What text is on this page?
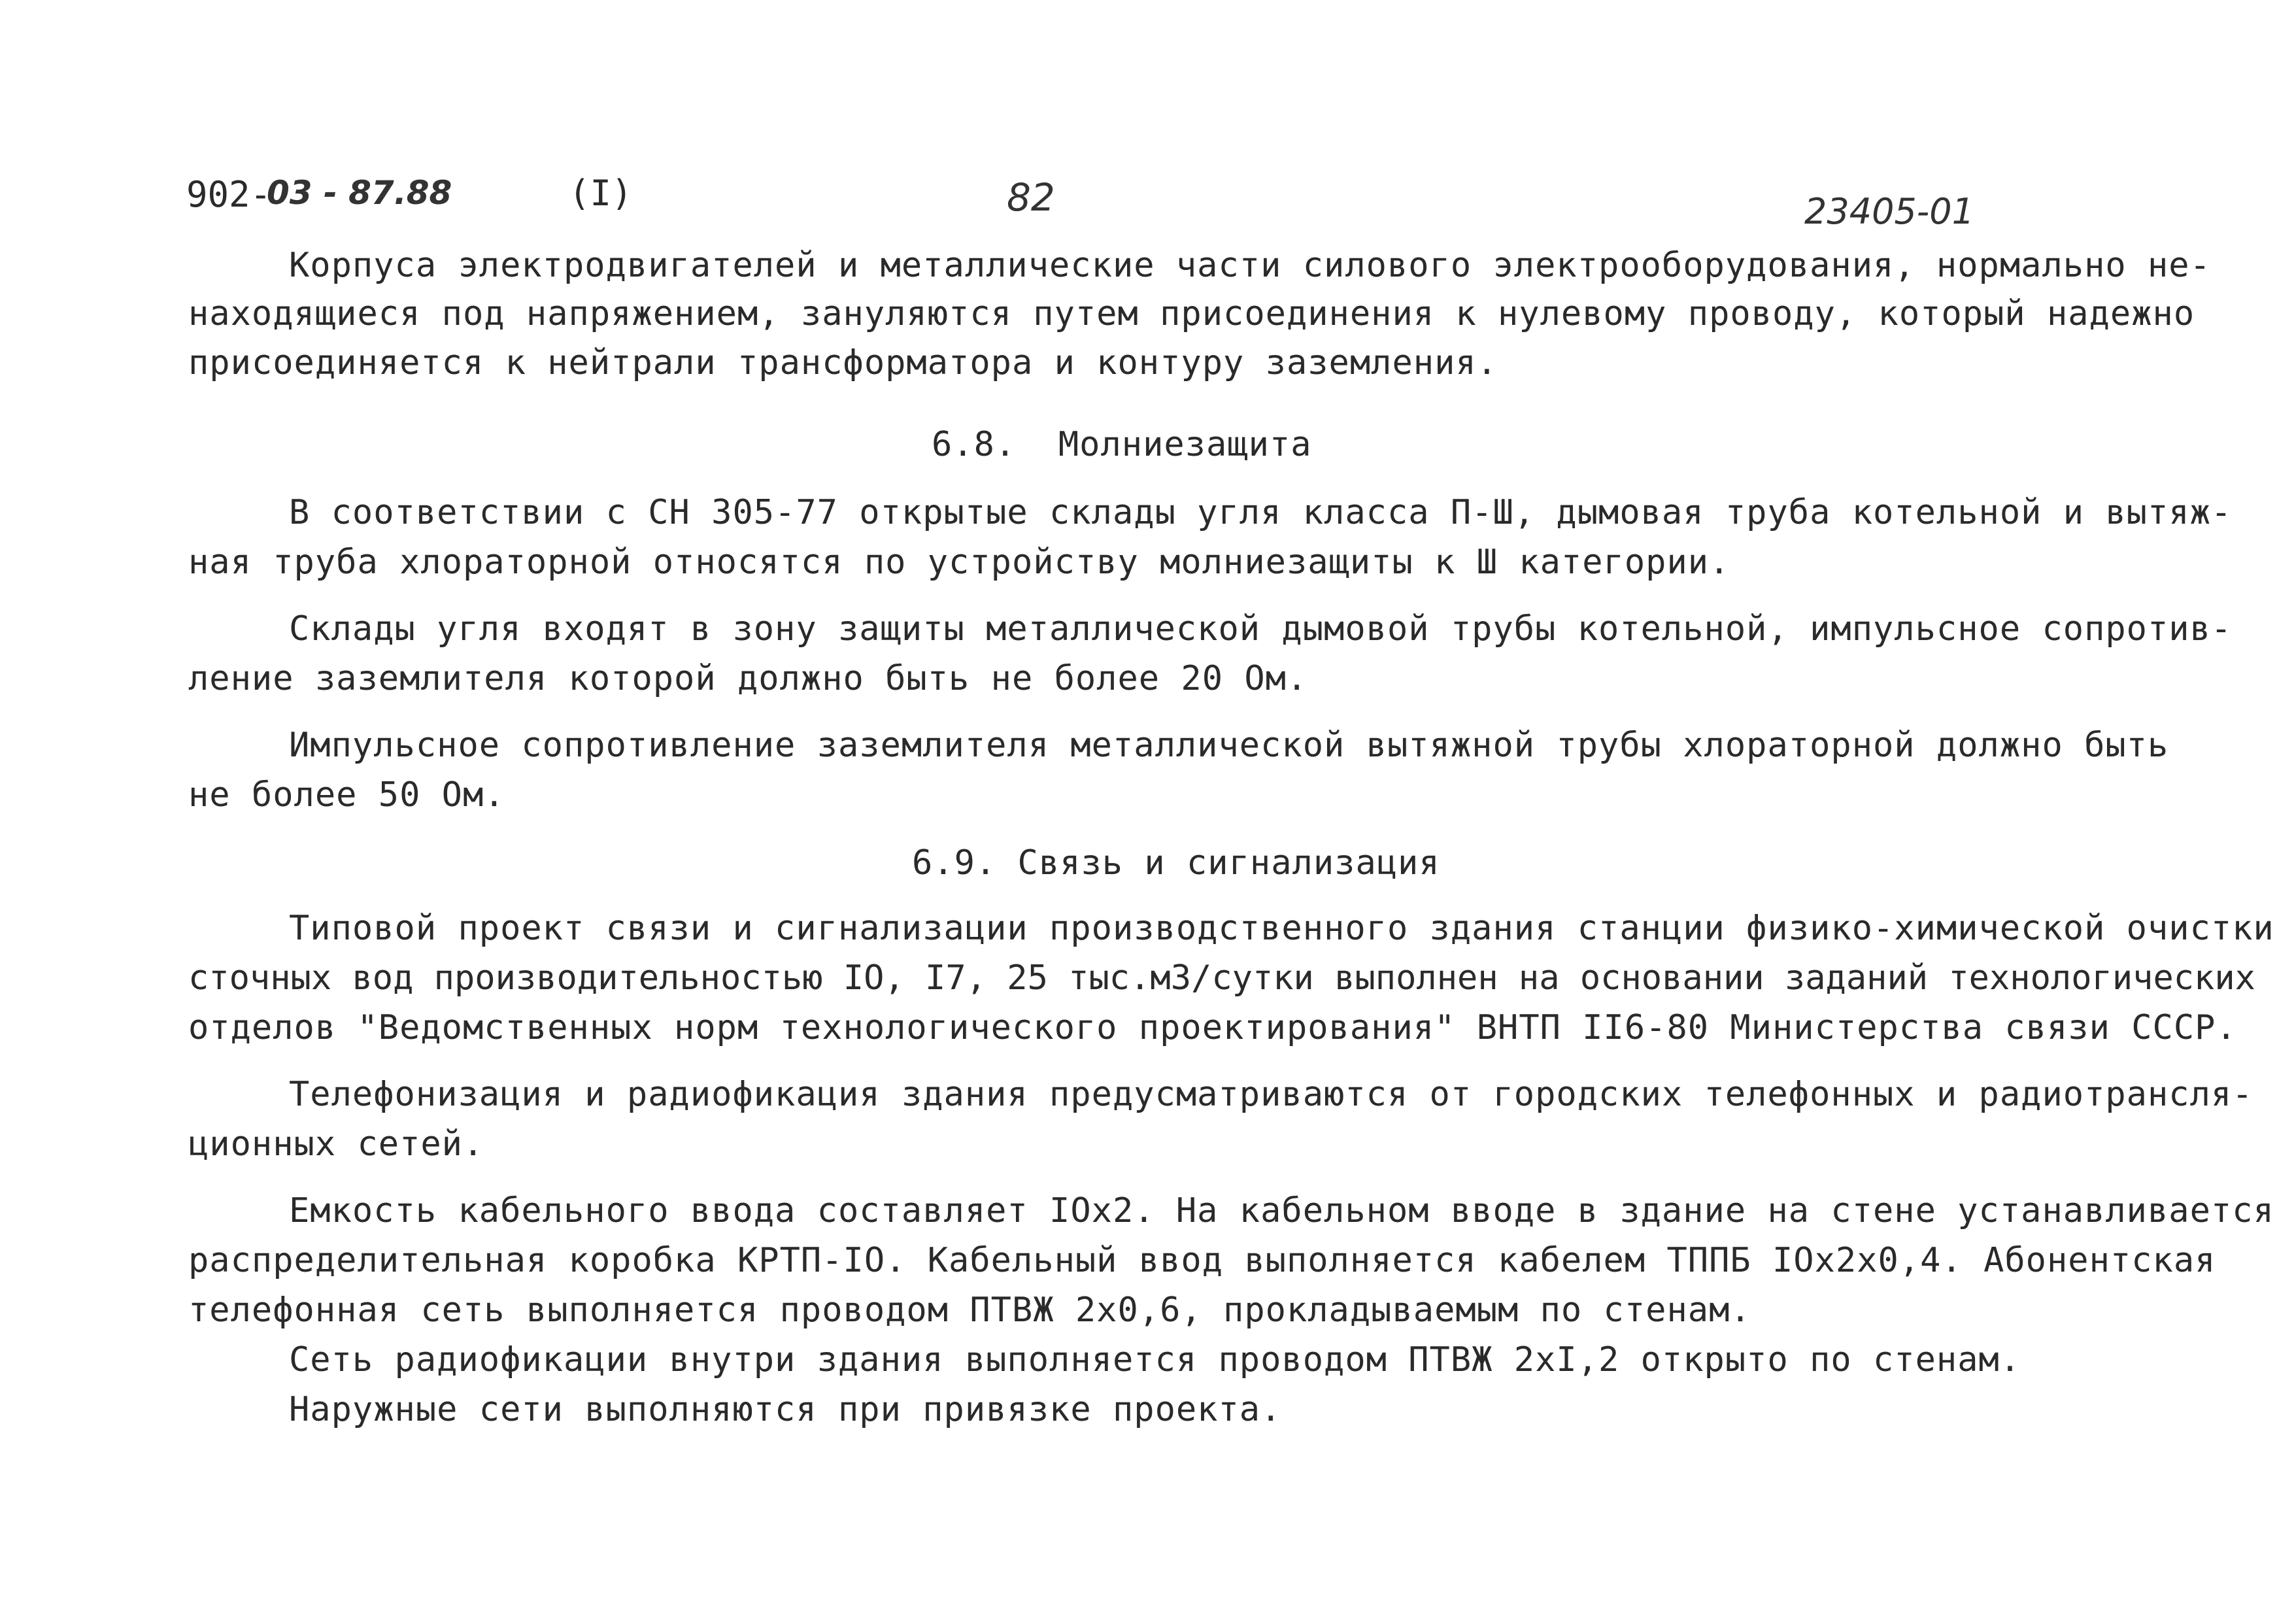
902-
03 - 87.88	(I)	82	23405-01
Корпуса электродвигателей и металлические части силового электрооборудования, нормально не-
находящиеся под напряжением, зануляются путем присоединения к нулевому проводу, который надежно
присоединяется к нейтрали трансформатора и контуру заземления.
6.8.  Молниезащита
В соответствии с СН 305-77 открытые склады угля класса П-Ш, дымовая труба котельной и вытяж-
ная труба хлораторной относятся по устройству молниезащиты к Ш категории.
Склады угля входят в зону защиты металлической дымовой трубы котельной, импульсное сопротив-
ление заземлителя которой должно быть не более 20 Ом.
Импульсное сопротивление заземлителя металлической вытяжной трубы хлораторной должно быть
не более 50 Ом.
6.9. Связь и сигнализация
Типовой проект связи и сигнализации производственного здания станции физико-химической очистки
сточных вод производительностью IO, I7, 25 тыс.м3/сутки выполнен на основании заданий технологических
отделов "Ведомственных норм технологического проектирования" ВНТП II6-80 Министерства связи СССР.
Телефонизация и радиофикация здания предусматриваются от городских телефонных и радиотрансля-
ционных сетей.
Емкость кабельного ввода составляет IOx2. На кабельном вводе в здание на стене устанавливается
распределительная коробка КРТП-IO. Кабельный ввод выполняется кабелем ТППБ IOx2x0,4. Абонентская
телефонная сеть выполняется проводом ПТВЖ 2x0,6, прокладываемым по стенам.
Сеть радиофикации внутри здания выполняется проводом ПТВЖ 2xI,2 открыто по стенам.
Наружные сети выполняются при привязке проекта.
